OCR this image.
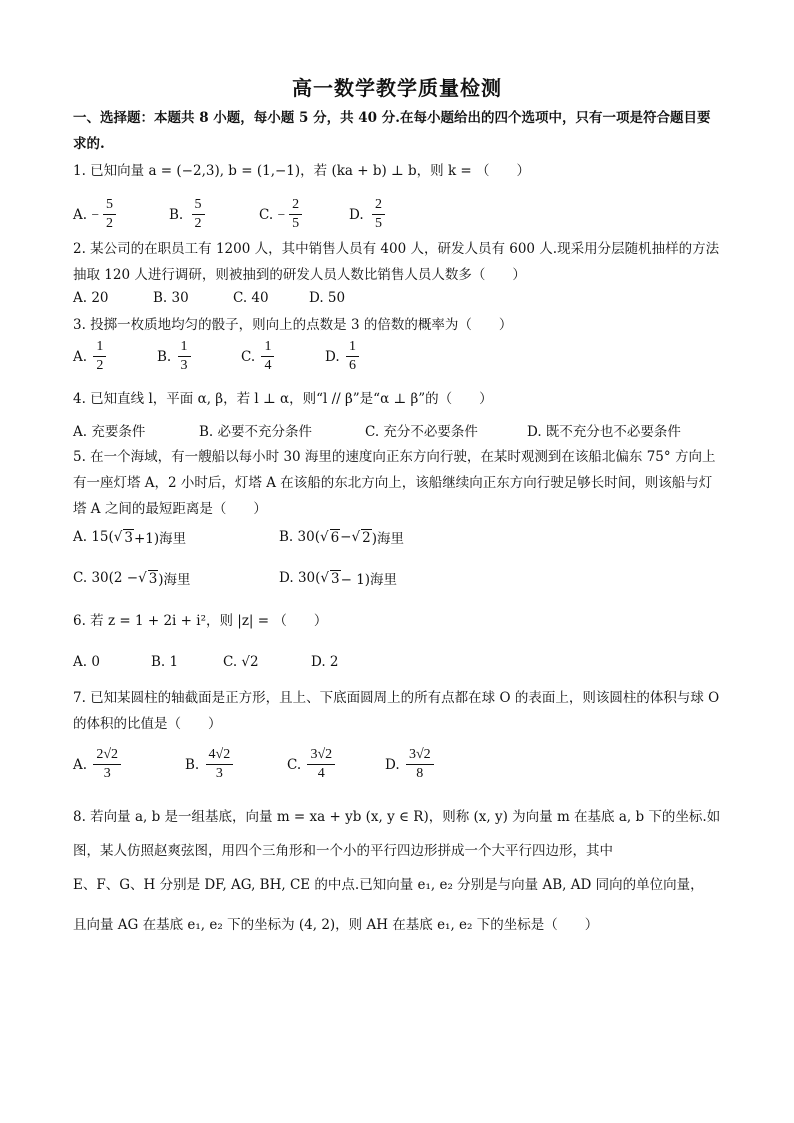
高一数学教学质量检测
一、选择题：本题共 8 小题，每小题 5 分，共 40 分.在每小题给出的四个选项中，只有一项是符合题目要求的.
1. 已知向量 a = (−2,3), b = (1,−1)，若 (ka + b) ⊥ b，则 k = （　　）
A.
− $\frac{5}{2}$	B.
$\frac{5}{2}$	C.
− $\frac{2}{5}$	D.
$\frac{2}{5}$
2. 某公司的在职员工有 1200 人，其中销售人员有 400 人，研发人员有 600 人.现采用分层随机抽样的方法抽取 120 人进行调研，则被抽到的研发人员人数比销售人员人数多（　　）
A. 20	B. 30	C. 40	D. 50
3. 投掷一枚质地均匀的骰子，则向上的点数是 3 的倍数的概率为（　　）
A.
$\frac{1}{2}$	B.
$\frac{1}{3}$	C.
$\frac{1}{4}$	D.
$\frac{1}{6}$
4. 已知直线 l，平面 α, β，若 l ⊥ α，则“l // β”是“α ⊥ β”的（　　）
A. 充要条件	B. 必要不充分条件	C. 充分不必要条件	D. 既不充分也不必要条件
5. 在一个海域，有一艘船以每小时 30 海里的速度向正东方向行驶，在某时观测到在该船北偏东 75° 方向上有一座灯塔 A，2 小时后，灯塔 A 在该船的东北方向上，该船继续向正东方向行驶足够长时间，则该船与灯塔 A 之间的最短距离是（　　）
A.
15( √ 3 +1)海里	B.
30( √ 6 − √ 2 )海里
C.
30(2 − √ 3 )海里	D.
30( √ 3 − 1)海里
6. 若 z = 1 + 2i + i²，则 |z| = （　　）
A. 0	B. 1	C. √2	D. 2
7. 已知某圆柱的轴截面是正方形，且上、下底面圆周上的所有点都在球 O 的表面上，则该圆柱的体积与球 O 的体积的比值是（　　）
A.
$\frac{2√2}{3}$	B.
$\frac{4√2}{3}$	C.
$\frac{3√2}{4}$	D.
$\frac{3√2}{8}$
8. 若向量 a, b 是一组基底，向量 m = xa + yb (x, y ∈ R)，则称 (x, y) 为向量 m 在基底 a, b 下的坐标.如
图，某人仿照赵爽弦图，用四个三角形和一个小的平行四边形拼成一个大平行四边形，其中
E、F、G、H 分别是 DF, AG, BH, CE 的中点.已知向量 e₁, e₂ 分别是与向量 AB, AD 同向的单位向量，
且向量 AG 在基底 e₁, e₂ 下的坐标为 (4, 2)，则 AH 在基底 e₁, e₂ 下的坐标是（　　）
